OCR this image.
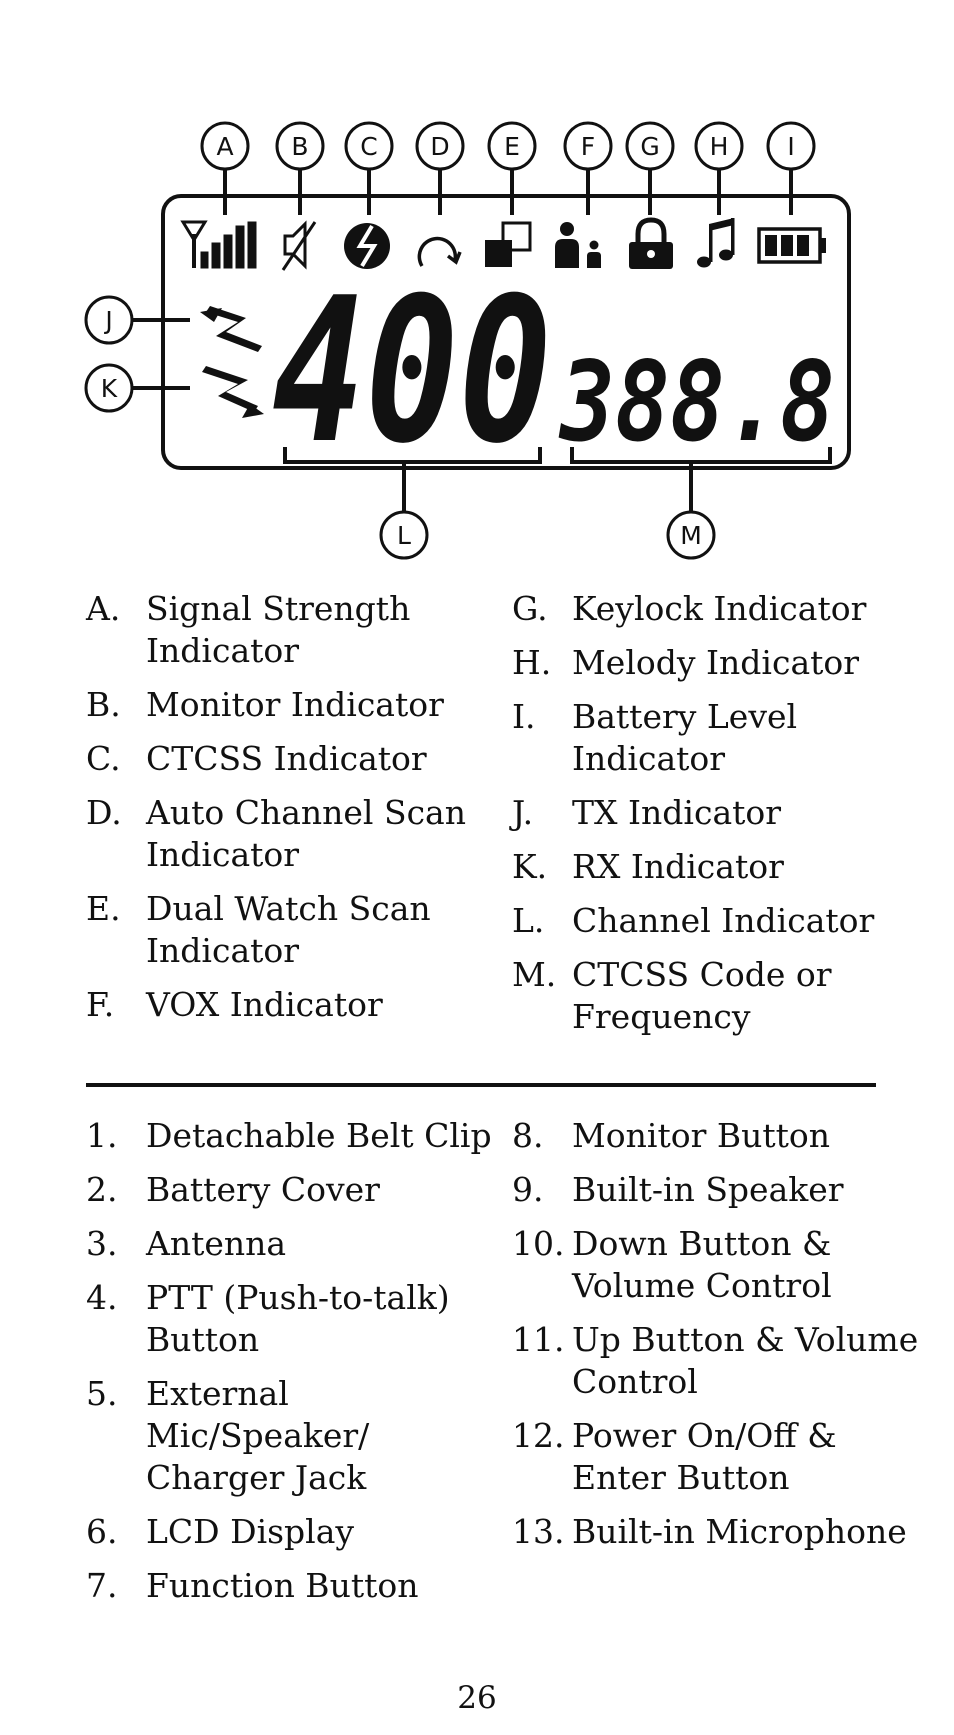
A B C D E F G H I
J
K
L	M
400 388.8
A. Signal Strength Indicator
B. Monitor Indicator
C. CTCSS Indicator
D. Auto Channel Scan Indicator
E. Dual Watch Scan Indicator
F. VOX Indicator
G. Keylock Indicator
H. Melody Indicator
I.	Battery Level Indicator
J.	TX Indicator
K. RX Indicator
L. Channel Indicator
M. CTCSS Code or Frequency
1. Detachable Belt Clip
2. Battery Cover
3. Antenna
4. PTT (Push-to-talk) Button
5. External Mic/Speaker/ Charger Jack
6. LCD Display
7. Function Button
8. Monitor Button
9. Built-in Speaker
10. Down Button & Volume Control
11. Up Button & Volume Control
12. Power On/Off & Enter Button
13. Built-in Microphone
26
